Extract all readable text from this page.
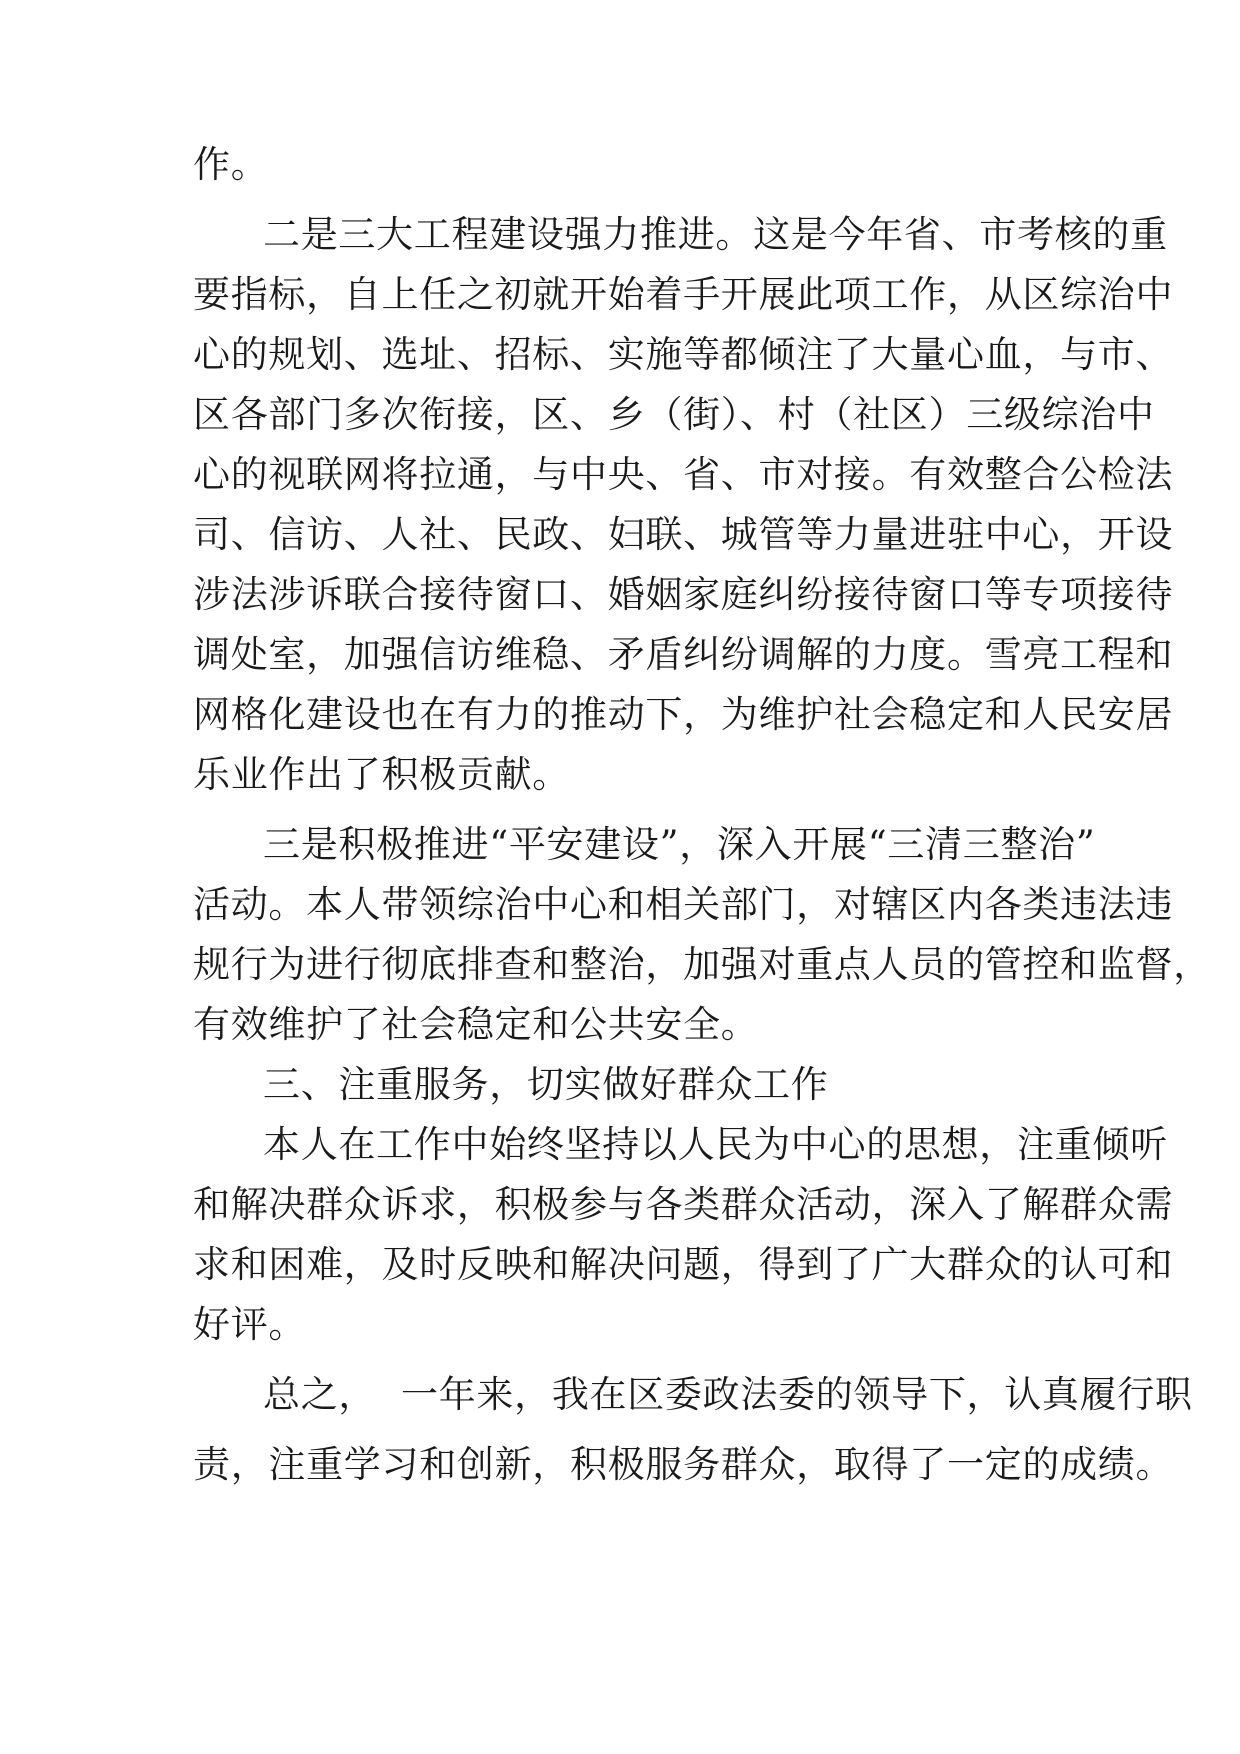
作。
二是三大工程建设强力推进。这是今年省、市考核的重
要指标，自上任之初就开始着手开展此项工作，从区综治中
心的规划、选址、招标、实施等都倾注了大量心血，与市、
区各部门多次衔接，区、乡（街）、村（社区）三级综治中
心的视联网将拉通，与中央、省、市对接。有效整合公检法
司、信访、人社、民政、妇联、城管等力量进驻中心，开设
涉法涉诉联合接待窗口、婚姻家庭纠纷接待窗口等专项接待
调处室，加强信访维稳、矛盾纠纷调解的力度。雪亮工程和
网格化建设也在有力的推动下，为维护社会稳定和人民安居
乐业作出了积极贡献。
三是积极推进“平安建设”，深入开展“三清三整治”
活动。本人带领综治中心和相关部门，对辖区内各类违法违
规行为进行彻底排查和整治，加强对重点人员的管控和监督，
有效维护了社会稳定和公共安全。
三、注重服务，切实做好群众工作
本人在工作中始终坚持以人民为中心的思想，注重倾听
和解决群众诉求，积极参与各类群众活动，深入了解群众需
求和困难，及时反映和解决问题，得到了广大群众的认可和
好评。
总之，  一年来，我在区委政法委的领导下，认真履行职
责，注重学习和创新，积极服务群众，取得了一定的成绩。
